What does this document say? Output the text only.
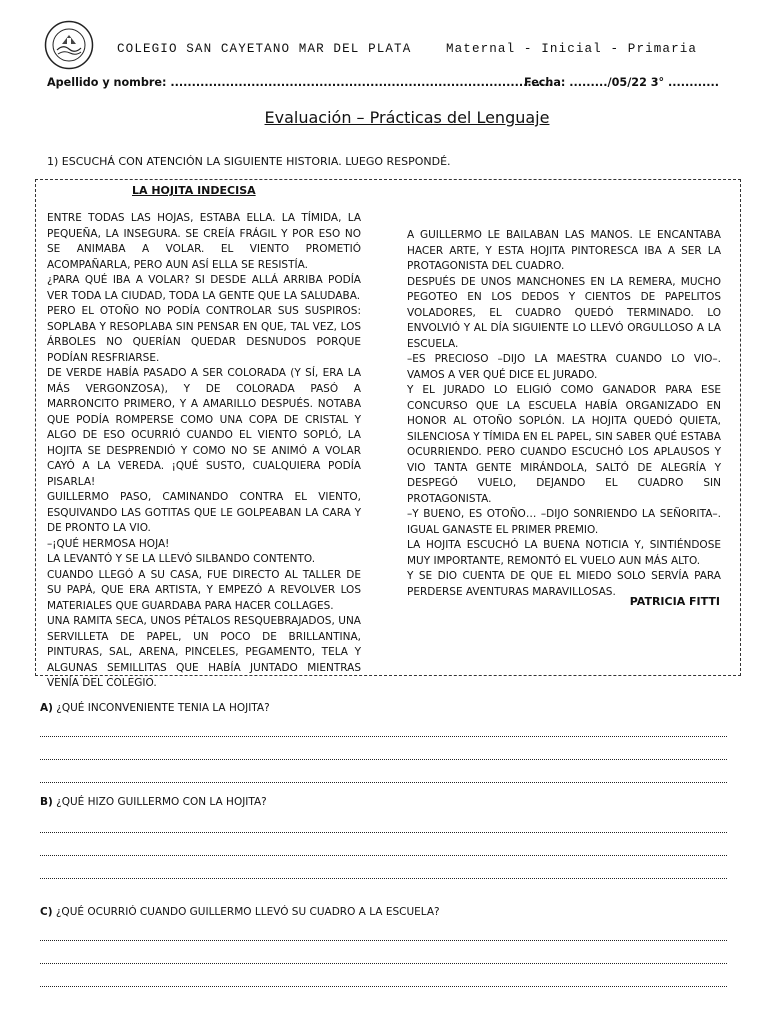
COLEGIO SAN CAYETANO MAR DEL PLATA    Maternal - Inicial - Primaria
Apellido y nombre: ..........................................................................................
Fecha: ........./05/22 3° ............
Evaluación – Prácticas del Lenguaje
1) ESCUCHÁ CON ATENCIÓN LA SIGUIENTE HISTORIA. LUEGO RESPONDÉ.
LA HOJITA INDECISA

ENTRE TODAS LAS HOJAS, ESTABA ELLA. LA TÍMIDA, LA PEQUEÑA, LA INSEGURA. SE CREÍA FRÁGIL Y POR ESO NO SE ANIMABA A VOLAR. EL VIENTO PROMETIÓ ACOMPAÑARLA, PERO AUN ASÍ ELLA SE RESISTÍA.

¿PARA QUÉ IBA A VOLAR? SI DESDE ALLÁ ARRIBA PODÍA VER TODA LA CIUDAD, TODA LA GENTE QUE LA SALUDABA.

PERO EL OTOÑO NO PODÍA CONTROLAR SUS SUSPIROS: SOPLABA Y RESOPLABA SIN PENSAR EN QUE, TAL VEZ, LOS ÁRBOLES NO QUERÍAN QUEDAR DESNUDOS PORQUE PODÍAN RESFRIARSE.

DE VERDE HABÍA PASADO A SER COLORADA (Y SÍ, ERA LA MÁS VERGONZOSA), Y DE COLORADA PASÓ A MARRONCITO PRIMERO, Y A AMARILLO DESPUÉS. NOTABA QUE PODÍA ROMPERSE COMO UNA COPA DE CRISTAL Y ALGO DE ESO OCURRIÓ CUANDO EL VIENTO SOPLÓ, LA HOJITA SE DESPRENDIÓ Y COMO NO SE ANIMÓ A VOLAR CAYÓ A LA VEREDA. ¡QUÉ SUSTO, CUALQUIERA PODÍA PISARLA!

GUILLERMO PASO, CAMINANDO CONTRA EL VIENTO, ESQUIVANDO LAS GOTITAS QUE LE GOLPEABAN LA CARA Y DE PRONTO LA VIO.

–¡QUÉ HERMOSA HOJA!

LA LEVANTÓ Y SE LA LLEVÓ SILBANDO CONTENTO.

CUANDO LLEGÓ A SU CASA, FUE DIRECTO AL TALLER DE SU PAPÁ, QUE ERA ARTISTA, Y EMPEZÓ A REVOLVER LOS MATERIALES QUE GUARDABA PARA HACER COLLAGES.

UNA RAMITA SECA, UNOS PÉTALOS RESQUEBRAJADOS, UNA SERVILLETA DE PAPEL, UN POCO DE BRILLANTINA, PINTURAS, SAL, ARENA, PINCELES, PEGAMENTO, TELA Y ALGUNAS SEMILLITAS QUE HABÍA JUNTADO MIENTRAS VENÍA DEL COLEGIO.

A GUILLERMO LE BAILABAN LAS MANOS. LE ENCANTABA HACER ARTE, Y ESTA HOJITA PINTORESCA IBA A SER LA PROTAGONISTA DEL CUADRO.

DESPUÉS DE UNOS MANCHONES EN LA REMERA, MUCHO PEGOTEO EN LOS DEDOS Y CIENTOS DE PAPELITOS VOLADORES, EL CUADRO QUEDÓ TERMINADO. LO ENVOLVIÓ Y AL DÍA SIGUIENTE LO LLEVÓ ORGULLOSO A LA ESCUELA.

–ES PRECIOSO –DIJO LA MAESTRA CUANDO LO VIO–. VAMOS A VER QUÉ DICE EL JURADO.

Y EL JURADO LO ELIGIÓ COMO GANADOR PARA ESE CONCURSO QUE LA ESCUELA HABÍA ORGANIZADO EN HONOR AL OTOÑO SOPLÓN. LA HOJITA QUEDÓ QUIETA, SILENCIOSA Y TÍMIDA EN EL PAPEL, SIN SABER QUÉ ESTABA OCURRIENDO. PERO CUANDO ESCUCHÓ LOS APLAUSOS Y VIO TANTA GENTE MIRÁNDOLA, SALTÓ DE ALEGRÍA Y DESPEGÓ VUELO, DEJANDO EL CUADRO SIN PROTAGONISTA.

–Y BUENO, ES OTOÑO… –DIJO SONRIENDO LA SEÑORITA–. IGUAL GANASTE EL PRIMER PREMIO.

LA HOJITA ESCUCHÓ LA BUENA NOTICIA Y, SINTIÉNDOSE MUY IMPORTANTE, REMONTÓ EL VUELO AUN MÁS ALTO.

Y SE DIO CUENTA DE QUE EL MIEDO SOLO SERVÍA PARA PERDERSE AVENTURAS MARAVILLOSAS.

PATRICIA FITTI
A) ¿QUÉ INCONVENIENTE TENIA LA HOJITA?
B) ¿QUÉ HIZO GUILLERMO CON LA HOJITA?
C) ¿QUÉ OCURRIÓ CUANDO GUILLERMO LLEVÓ SU CUADRO A LA ESCUELA?
